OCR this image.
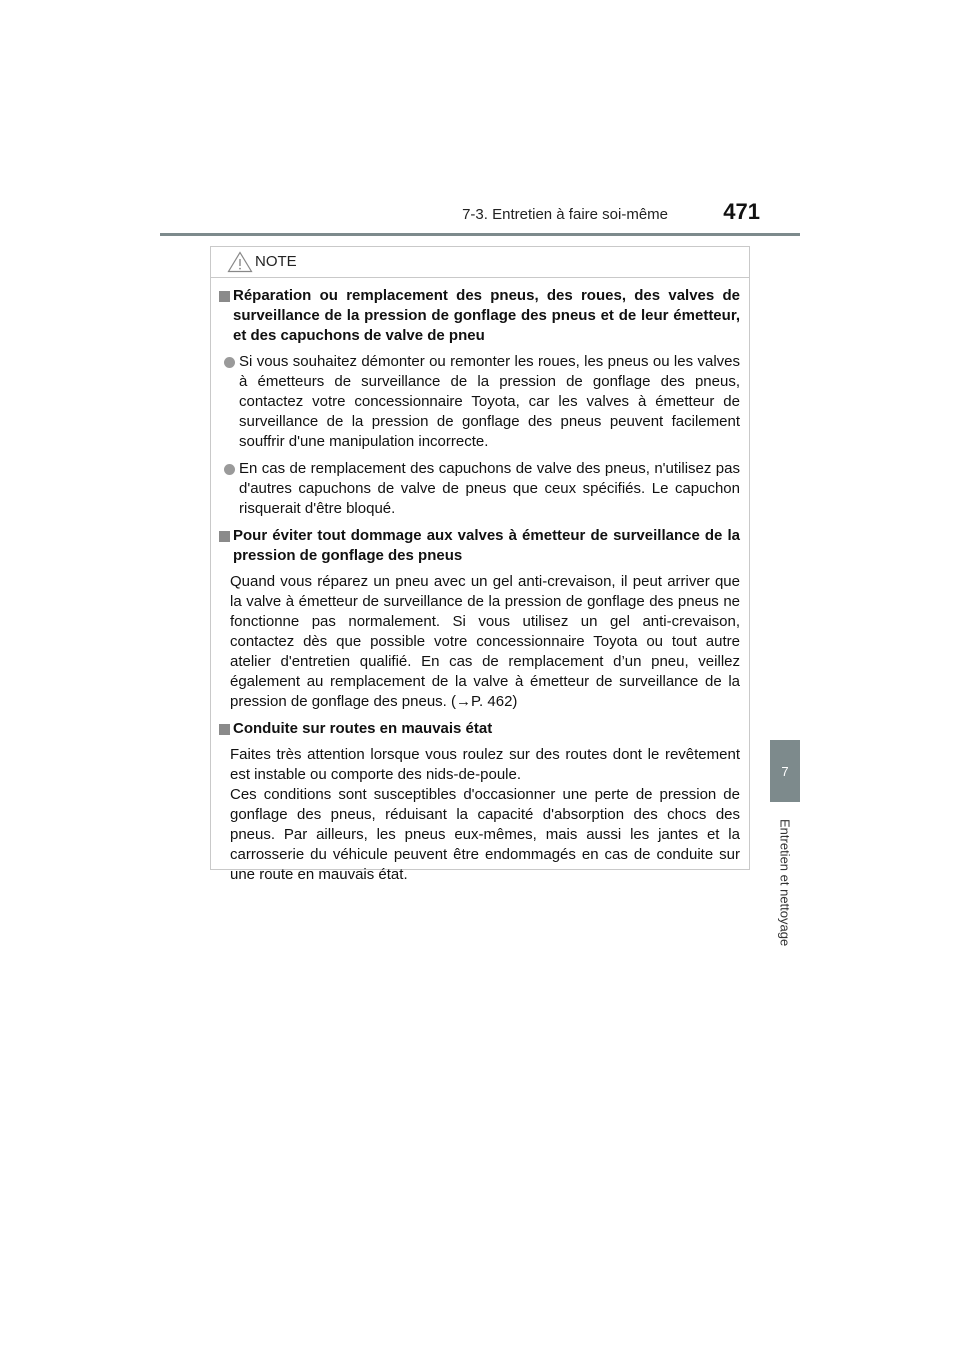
7-3. Entretien à faire soi-même	471
7
Entretien et nettoyage
NOTE
Réparation ou remplacement des pneus, des roues, des valves de surveillance de la pression de gonflage des pneus et de leur émetteur, et des capuchons de valve de pneu
Si vous souhaitez démonter ou remonter les roues, les pneus ou les valves à émetteurs de surveillance de la pression de gonflage des pneus, contactez votre concessionnaire Toyota, car les valves à émetteur de surveillance de la pression de gonflage des pneus peuvent facilement souffrir d'une manipulation incorrecte.
En cas de remplacement des capuchons de valve des pneus, n'utilisez pas d'autres capuchons de valve de pneus que ceux spécifiés. Le capuchon risquerait d'être bloqué.
Pour éviter tout dommage aux valves à émetteur de surveillance de la pression de gonflage des pneus

Quand vous réparez un pneu avec un gel anti-crevaison, il peut arriver que la valve à émetteur de surveillance de la pression de gonflage des pneus ne fonctionne pas normalement. Si vous utilisez un gel anti-crevaison, contactez dès que possible votre concessionnaire Toyota ou tout autre atelier d'entretien qualifié. En cas de remplacement d’un pneu, veillez également au remplacement de la valve à émetteur de surveillance de la pression de gonflage des pneus. (→P. 462)

Conduite sur routes en mauvais état

Faites très attention lorsque vous roulez sur des routes dont le revêtement est instable ou comporte des nids-de-poule.

Ces conditions sont susceptibles d'occasionner une perte de pression de gonflage des pneus, réduisant la capacité d'absorption des chocs des pneus. Par ailleurs, les pneus eux-mêmes, mais aussi les jantes et la carrosserie du véhicule peuvent être endommagés en cas de conduite sur une route en mauvais état.
